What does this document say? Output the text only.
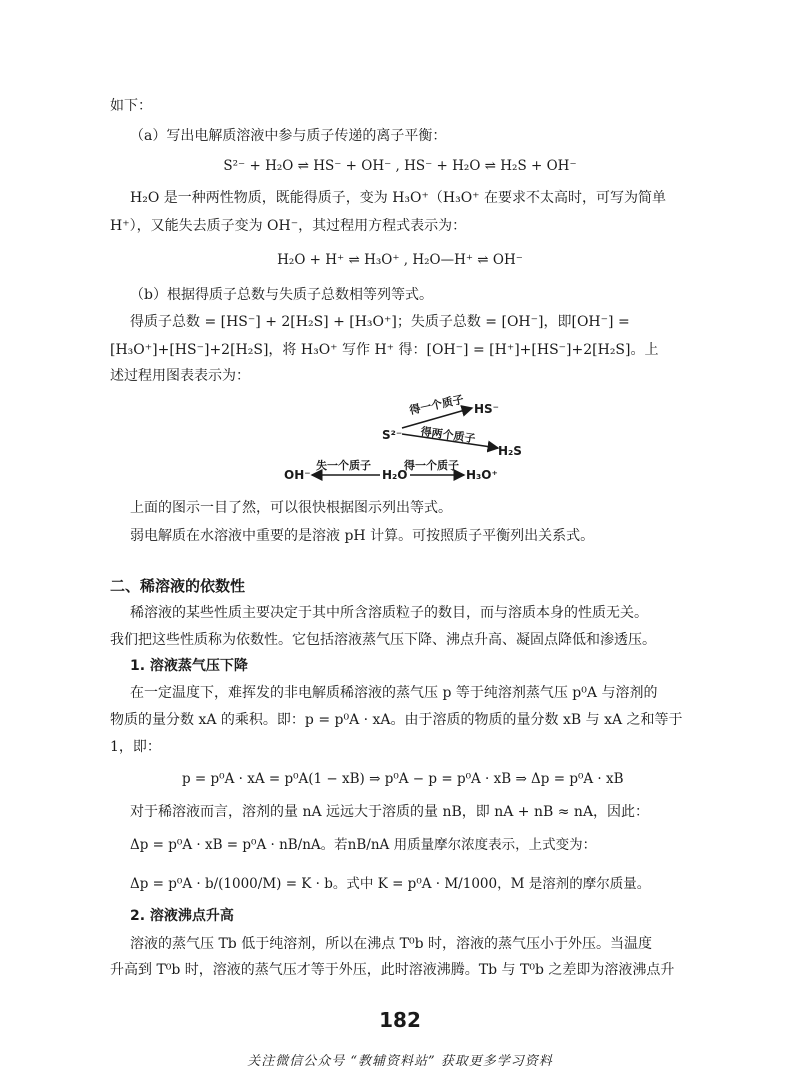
如下：
（a）写出电解质溶液中参与质子传递的离子平衡：
S²⁻ + H₂O ⇌ HS⁻ + OH⁻ , HS⁻ + H₂O ⇌ H₂S + OH⁻
H₂O 是一种两性物质，既能得质子，变为 H₃O⁺（H₃O⁺ 在要求不太高时，可写为简单
H⁺），又能失去质子变为 OH⁻，其过程用方程式表示为：
H₂O + H⁺ ⇌ H₃O⁺ , H₂O—H⁺ ⇌ OH⁻
（b）根据得质子总数与失质子总数相等列等式。
得质子总数 = [HS⁻] + 2[H₂S] + [H₃O⁺]；失质子总数 = [OH⁻]，即[OH⁻] =
[H₃O⁺]+[HS⁻]+2[H₂S]，将 H₃O⁺ 写作 H⁺ 得：[OH⁻] = [H⁺]+[HS⁻]+2[H₂S]。上
述过程用图表表示为：
S²⁻
得一个质子 HS⁻
得两个质子
H₂S
OH⁻
失一个质子
H₂O
得一个质子
H₃O⁺
上面的图示一目了然，可以很快根据图示列出等式。
弱电解质在水溶液中重要的是溶液 pH 计算。可按照质子平衡列出关系式。
二、稀溶液的依数性
稀溶液的某些性质主要决定于其中所含溶质粒子的数目，而与溶质本身的性质无关。
我们把这些性质称为依数性。它包括溶液蒸气压下降、沸点升高、凝固点降低和渗透压。
1. 溶液蒸气压下降
在一定温度下，难挥发的非电解质稀溶液的蒸气压 p 等于纯溶剂蒸气压 p⁰A 与溶剂的
物质的量分数 xA 的乘积。即：p = p⁰A · xA。由于溶质的物质的量分数 xB 与 xA 之和等于
1，即：
p = p⁰A · xA = p⁰A(1 − xB) ⇒ p⁰A − p = p⁰A · xB ⇒ Δp = p⁰A · xB
对于稀溶液而言，溶剂的量 nA 远远大于溶质的量 nB，即 nA + nB ≈ nA，因此：
Δp = p⁰A · xB = p⁰A · nB/nA。若nB/nA 用质量摩尔浓度表示，上式变为：
Δp = p⁰A · b/(1000/M) = K · b。式中 K = p⁰A · M/1000，M 是溶剂的摩尔质量。
2. 溶液沸点升高
溶液的蒸气压 Tb 低于纯溶剂，所以在沸点 T⁰b 时，溶液的蒸气压小于外压。当温度
升高到 T⁰b 时，溶液的蒸气压才等于外压，此时溶液沸腾。Tb 与 T⁰b 之差即为溶液沸点升
182
关注微信公众号 “教辅资料站” 获取更多学习资料
